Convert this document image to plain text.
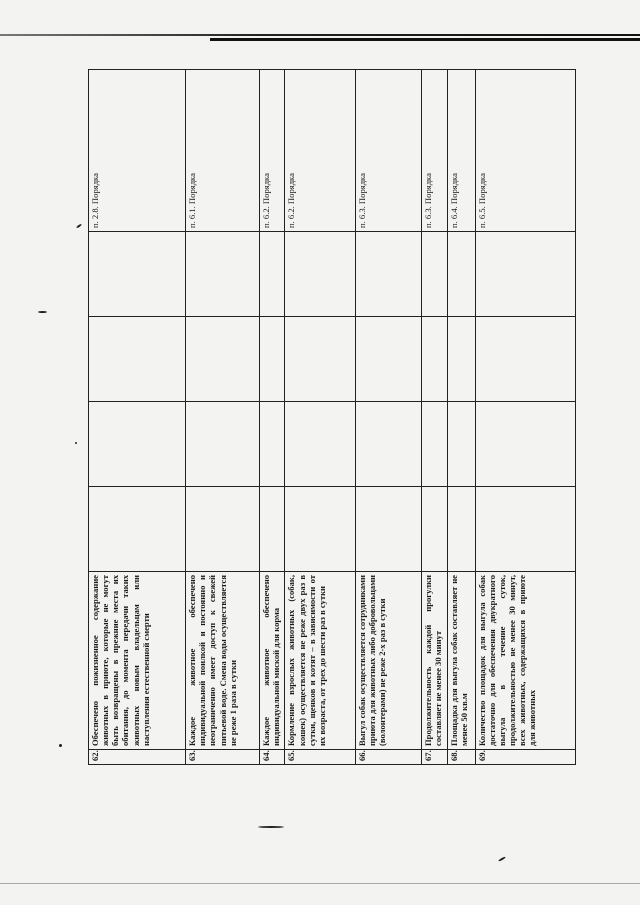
62.	Обеспечено пожизненное содержание животных в приюте, которые не могут быть возвращены в прежние места их обитания, до момента передачи таких животных новым владельцам или наступления естественной смерти					п. 2.8. Порядка
63.	Каждое животное обеспечено индивидуальной поилкой и постоянно и неограниченно имеет доступ к свежей питьевой воде. Смена воды осуществляется не реже 1 раза в сутки					п. 6.1. Порядка
64.	Каждое животное обеспечено индивидуальной миской для корма					п. 6.2. Порядка
65.	Кормление взрослых животных (собак, кошек) осуществляется не реже двух раз в сутки, щенков и котят – в зависимости от их возраста, от трех до шести раз в сутки					п. 6.2. Порядка
66.	Выгул собак осуществляется сотрудниками приюта для животных либо добровольцами (волонтерами) не реже 2-х раз в сутки					п. 6.3. Порядка
67.	Продолжительность каждой прогулки составляет не менее 30 минут					п. 6.3. Порядка
68.	Площадка для выгула собак составляет не менее 50 кв.м					п. 6.4. Порядка
69.	Количество площадок для выгула собак достаточно для обеспечения двукратного выгула в течение суток, продолжительностью не менее 30 минут, всех животных, содержащихся в приюте для животных					п. 6.5. Порядка
